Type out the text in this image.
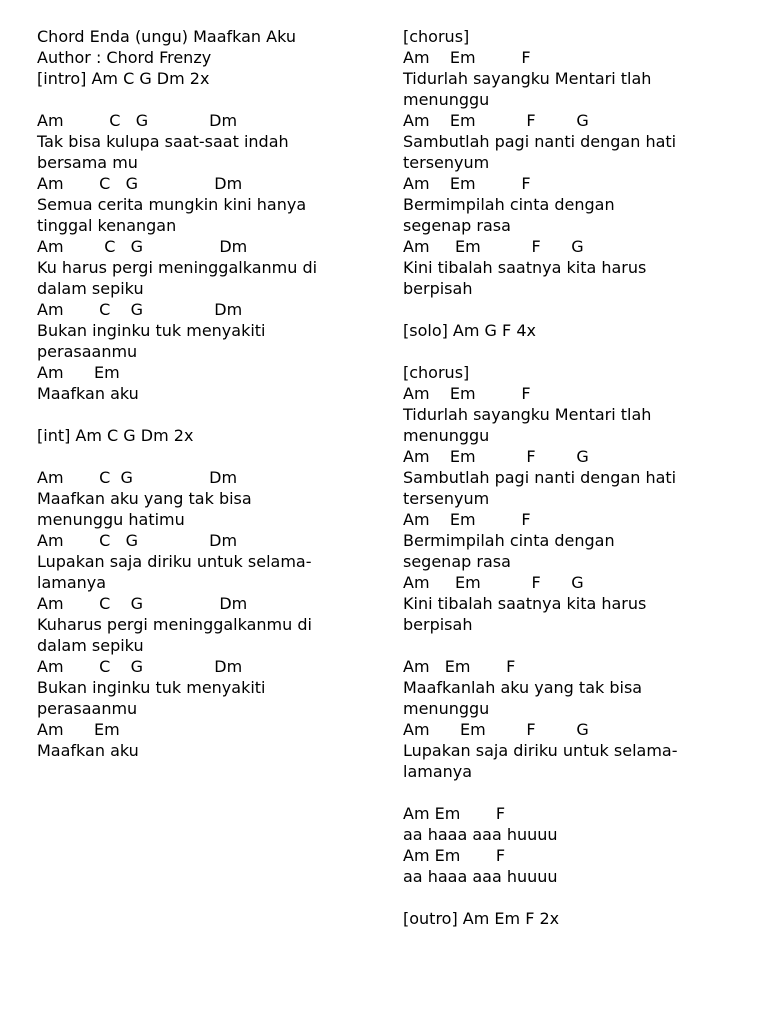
Chord Enda (ungu) Maafkan Aku
Author : Chord Frenzy
[intro] Am C G Dm 2x
Am         C   G            Dm
Tak bisa kulupa saat-saat indah
bersama mu
Am       C   G               Dm
Semua cerita mungkin kini hanya
tinggal kenangan
Am        C   G               Dm
Ku harus pergi meninggalkanmu di
dalam sepiku
Am       C    G              Dm
Bukan inginku tuk menyakiti
perasaanmu
Am      Em
Maafkan aku
[int] Am C G Dm 2x
Am       C  G               Dm
Maafkan aku yang tak bisa
menunggu hatimu
Am       C   G              Dm
Lupakan saja diriku untuk selama-
lamanya
Am       C    G               Dm
Kuharus pergi meninggalkanmu di
dalam sepiku
Am       C    G              Dm
Bukan inginku tuk menyakiti
perasaanmu
Am      Em
Maafkan aku
[chorus]
Am    Em         F
Tidurlah sayangku Mentari tlah
menunggu
Am    Em          F        G
Sambutlah pagi nanti dengan hati
tersenyum
Am    Em         F
Bermimpilah cinta dengan
segenap rasa
Am     Em          F      G
Kini tibalah saatnya kita harus
berpisah
[solo] Am G F 4x
[chorus]
Am    Em         F
Tidurlah sayangku Mentari tlah
menunggu
Am    Em          F        G
Sambutlah pagi nanti dengan hati
tersenyum
Am    Em         F
Bermimpilah cinta dengan
segenap rasa
Am     Em          F      G
Kini tibalah saatnya kita harus
berpisah
Am   Em       F
Maafkanlah aku yang tak bisa
menunggu
Am      Em        F        G
Lupakan saja diriku untuk selama-
lamanya
Am Em       F
aa haaa aaa huuuu
Am Em       F
aa haaa aaa huuuu
[outro] Am Em F 2x
